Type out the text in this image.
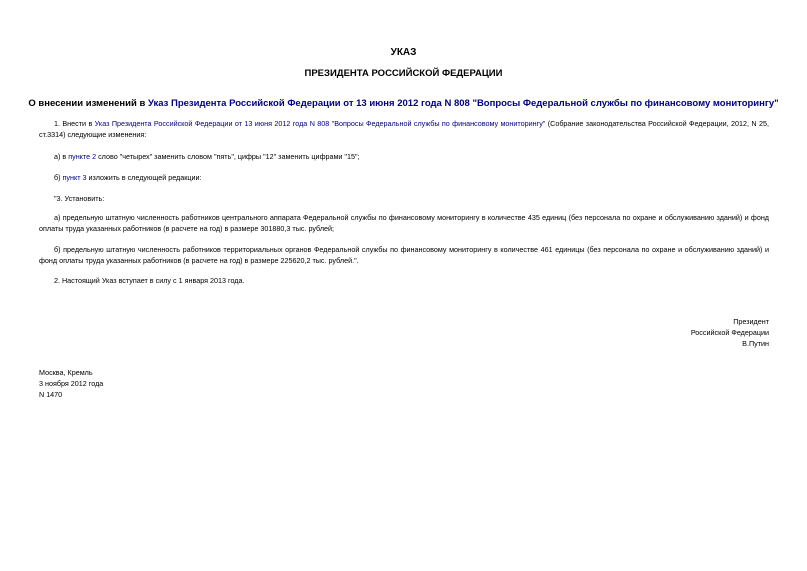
УКАЗ
ПРЕЗИДЕНТА РОССИЙСКОЙ ФЕДЕРАЦИИ
О внесении изменений в Указ Президента Российской Федерации от 13 июня 2012 года N 808 "Вопросы Федеральной службы по финансовому мониторингу"
1. Внести в Указ Президента Российской Федерации от 13 июня 2012 года N 808 "Вопросы Федеральной службы по финансовому мониторингу" (Собрание законодательства Российской Федерации, 2012, N 25, ст.3314) следующие изменения:
а) в пункте 2 слово "четырех" заменить словом "пять", цифры "12" заменить цифрами "15";
б) пункт 3 изложить в следующей редакции:
"3. Установить:
а) предельную штатную численность работников центрального аппарата Федеральной службы по финансовому мониторингу в количестве 435 единиц (без персонала по охране и обслуживанию зданий) и фонд оплаты труда указанных работников (в расчете на год) в размере 301880,3 тыс. рублей;
б) предельную штатную численность работников территориальных органов Федеральной службы по финансовому мониторингу в количестве 461 единицы (без персонала по охране и обслуживанию зданий) и фонд оплаты труда указанных работников (в расчете на год) в размере 225620,2 тыс. рублей.".
2. Настоящий Указ вступает в силу с 1 января 2013 года.
Президент
Российской Федерации
В.Путин
Москва, Кремль
3 ноября 2012 года
N 1470
